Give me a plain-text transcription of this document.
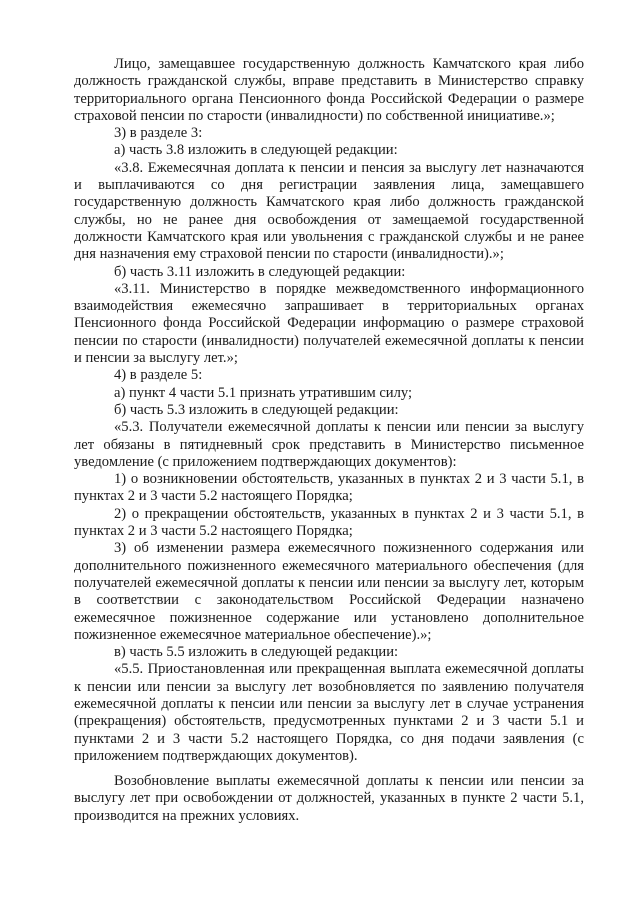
Лицо, замещавшее государственную должность Камчатского края либо должность гражданской службы, вправе представить в Министерство справку территориального органа Пенсионного фонда Российской Федерации о размере страховой пенсии по старости (инвалидности) по собственной инициативе.»;

3) в разделе 3:

а) часть 3.8 изложить в следующей редакции:

«3.8. Ежемесячная доплата к пенсии и пенсия за выслугу лет назначаются и выплачиваются со дня регистрации заявления лица, замещавшего государственную должность Камчатского края либо должность гражданской службы, но не ранее дня освобождения от замещаемой государственной должности Камчатского края или увольнения с гражданской службы и не ранее дня назначения ему страховой пенсии по старости (инвалидности).»;

б) часть 3.11 изложить в следующей редакции:

«3.11. Министерство в порядке межведомственного информационного взаимодействия ежемесячно запрашивает в территориальных органах Пенсионного фонда Российской Федерации информацию о размере страховой пенсии по старости (инвалидности) получателей ежемесячной доплаты к пенсии и пенсии за выслугу лет.»;

4) в разделе 5:

а) пункт 4 части 5.1 признать утратившим силу;

б) часть 5.3 изложить в следующей редакции:

«5.3. Получатели ежемесячной доплаты к пенсии или пенсии за выслугу лет обязаны в пятидневный срок представить в Министерство письменное уведомление (с приложением подтверждающих документов):

1) о возникновении обстоятельств, указанных в пунктах 2 и 3 части 5.1, в пунктах 2 и 3 части 5.2 настоящего Порядка;

2) о прекращении обстоятельств, указанных в пунктах 2 и 3 части 5.1, в пунктах 2 и 3 части 5.2 настоящего Порядка;

3) об изменении размера ежемесячного пожизненного содержания или дополнительного пожизненного ежемесячного материального обеспечения (для получателей ежемесячной доплаты к пенсии или пенсии за выслугу лет, которым в соответствии с законодательством Российской Федерации назначено ежемесячное пожизненное содержание или установлено дополнительное пожизненное ежемесячное материальное обеспечение).»;

в) часть 5.5 изложить в следующей редакции:

«5.5. Приостановленная или прекращенная выплата ежемесячной доплаты к пенсии или пенсии за выслугу лет возобновляется по заявлению получателя ежемесячной доплаты к пенсии или пенсии за выслугу лет в случае устранения (прекращения) обстоятельств, предусмотренных пунктами 2 и 3 части 5.1 и пунктами 2 и 3 части 5.2 настоящего Порядка, со дня подачи заявления (с приложением подтверждающих документов).

Возобновление выплаты ежемесячной доплаты к пенсии или пенсии за выслугу лет при освобождении от должностей, указанных в пункте 2 части 5.1, производится на прежних условиях.
